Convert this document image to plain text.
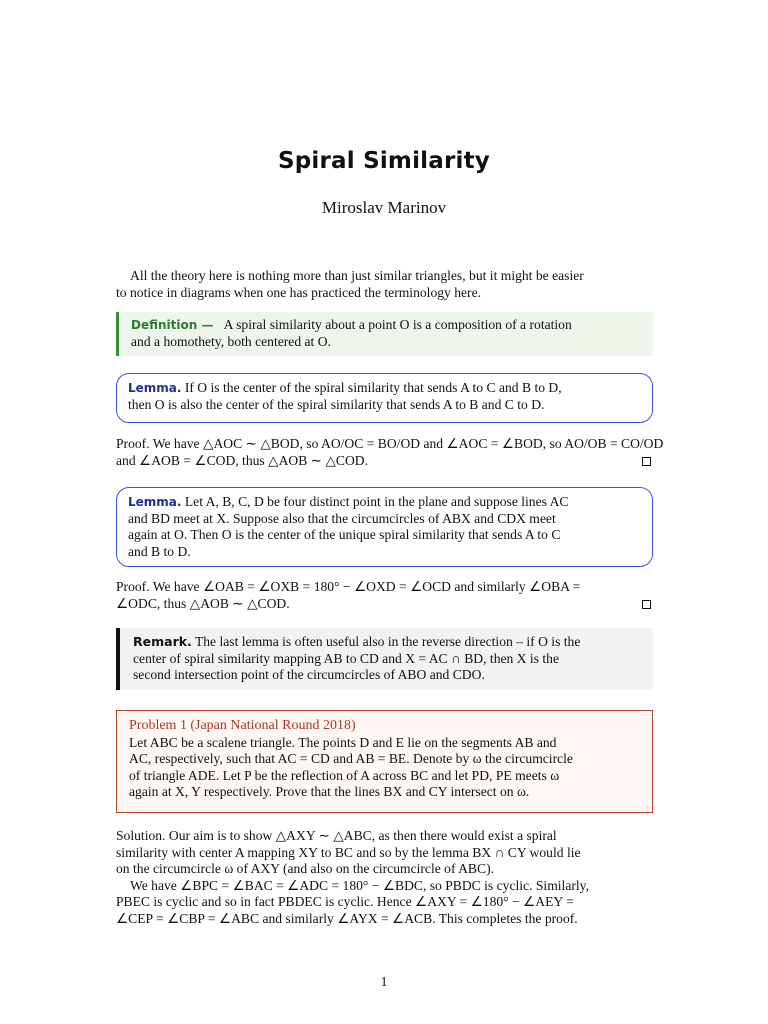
Spiral Similarity
Miroslav Marinov
All the theory here is nothing more than just similar triangles, but it might be easier
to notice in diagrams when one has practiced the terminology here.
Definition — A spiral similarity about a point O is a composition of a rotation
and a homothety, both centered at O.
Lemma. If O is the center of the spiral similarity that sends A to C and B to D,
then O is also the center of the spiral similarity that sends A to B and C to D.
Proof. We have △AOC ∼ △BOD, so AO/OC = BO/OD and ∠AOC = ∠BOD, so AO/OB = CO/OD
and ∠AOB = ∠COD, thus △AOB ∼ △COD.
Lemma. Let A, B, C, D be four distinct point in the plane and suppose lines AC
and BD meet at X. Suppose also that the circumcircles of ABX and CDX meet
again at O. Then O is the center of the unique spiral similarity that sends A to C
and B to D.
Proof. We have ∠OAB = ∠OXB = 180° − ∠OXD = ∠OCD and similarly ∠OBA =
∠ODC, thus △AOB ∼ △COD.
Remark. The last lemma is often useful also in the reverse direction – if O is the
center of spiral similarity mapping AB to CD and X = AC ∩ BD, then X is the
second intersection point of the circumcircles of ABO and CDO.
Problem 1 (Japan National Round 2018)
Let ABC be a scalene triangle. The points D and E lie on the segments AB and
AC, respectively, such that AC = CD and AB = BE. Denote by ω the circumcircle
of triangle ADE. Let P be the reflection of A across BC and let PD, PE meets ω
again at X, Y respectively. Prove that the lines BX and CY intersect on ω.
Solution. Our aim is to show △AXY ∼ △ABC, as then there would exist a spiral
similarity with center A mapping XY to BC and so by the lemma BX ∩ CY would lie
on the circumcircle ω of AXY (and also on the circumcircle of ABC).
We have ∠BPC = ∠BAC = ∠ADC = 180° − ∠BDC, so PBDC is cyclic. Similarly,
PBEC is cyclic and so in fact PBDEC is cyclic. Hence ∠AXY = ∠180° − ∠AEY =
∠CEP = ∠CBP = ∠ABC and similarly ∠AYX = ∠ACB. This completes the proof.
1
